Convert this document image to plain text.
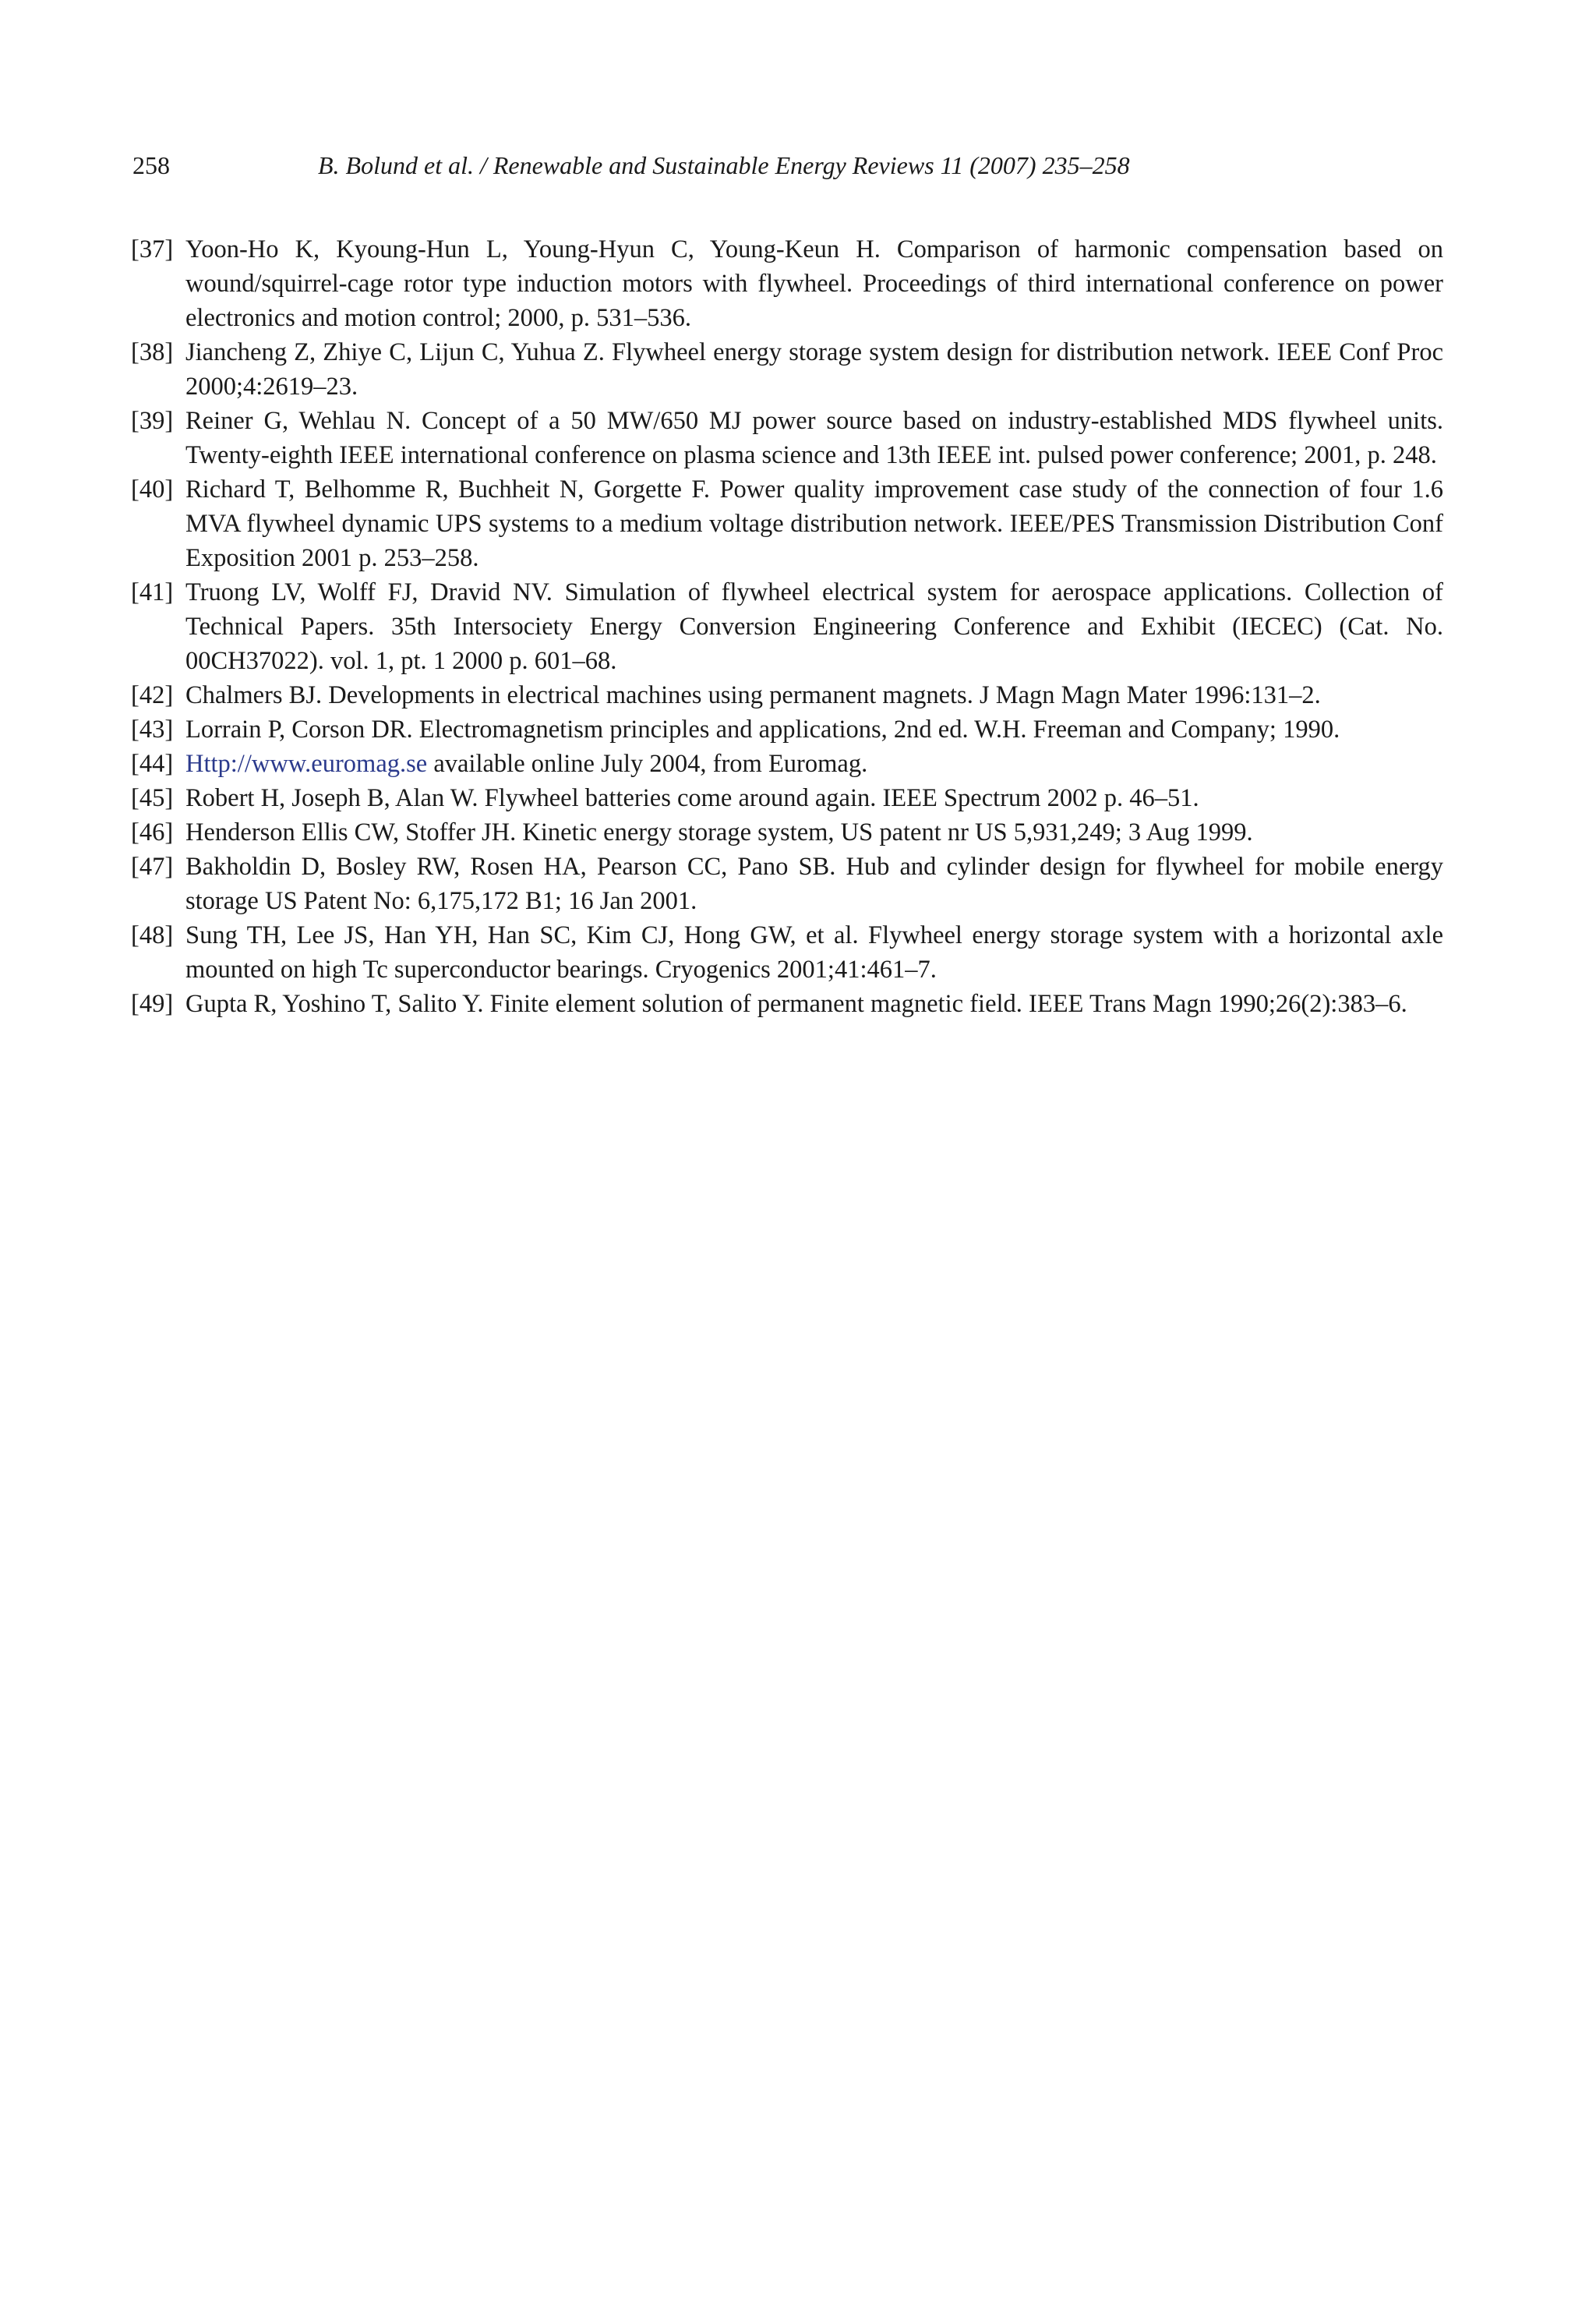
258	B. Bolund et al. / Renewable and Sustainable Energy Reviews 11 (2007) 235–258
[37] Yoon-Ho K, Kyoung-Hun L, Young-Hyun C, Young-Keun H. Comparison of harmonic compensation based on wound/squirrel-cage rotor type induction motors with flywheel. Proceedings of third international conference on power electronics and motion control; 2000, p. 531–536.
[38] Jiancheng Z, Zhiye C, Lijun C, Yuhua Z. Flywheel energy storage system design for distribution network. IEEE Conf Proc 2000;4:2619–23.
[39] Reiner G, Wehlau N. Concept of a 50 MW/650 MJ power source based on industry-established MDS flywheel units. Twenty-eighth IEEE international conference on plasma science and 13th IEEE int. pulsed power conference; 2001, p. 248.
[40] Richard T, Belhomme R, Buchheit N, Gorgette F. Power quality improvement case study of the connection of four 1.6 MVA flywheel dynamic UPS systems to a medium voltage distribution network. IEEE/PES Transmission Distribution Conf Exposition 2001 p. 253–258.
[41] Truong LV, Wolff FJ, Dravid NV. Simulation of flywheel electrical system for aerospace applications. Collection of Technical Papers. 35th Intersociety Energy Conversion Engineering Conference and Exhibit (IECEC) (Cat. No. 00CH37022). vol. 1, pt. 1 2000 p. 601–68.
[42] Chalmers BJ. Developments in electrical machines using permanent magnets. J Magn Magn Mater 1996:131–2.
[43] Lorrain P, Corson DR. Electromagnetism principles and applications, 2nd ed. W.H. Freeman and Company; 1990.
[44] Http://www.euromag.se available online July 2004, from Euromag.
[45] Robert H, Joseph B, Alan W. Flywheel batteries come around again. IEEE Spectrum 2002 p. 46–51.
[46] Henderson Ellis CW, Stoffer JH. Kinetic energy storage system, US patent nr US 5,931,249; 3 Aug 1999.
[47] Bakholdin D, Bosley RW, Rosen HA, Pearson CC, Pano SB. Hub and cylinder design for flywheel for mobile energy storage US Patent No: 6,175,172 B1; 16 Jan 2001.
[48] Sung TH, Lee JS, Han YH, Han SC, Kim CJ, Hong GW, et al. Flywheel energy storage system with a horizontal axle mounted on high Tc superconductor bearings. Cryogenics 2001;41:461–7.
[49] Gupta R, Yoshino T, Salito Y. Finite element solution of permanent magnetic field. IEEE Trans Magn 1990;26(2):383–6.
